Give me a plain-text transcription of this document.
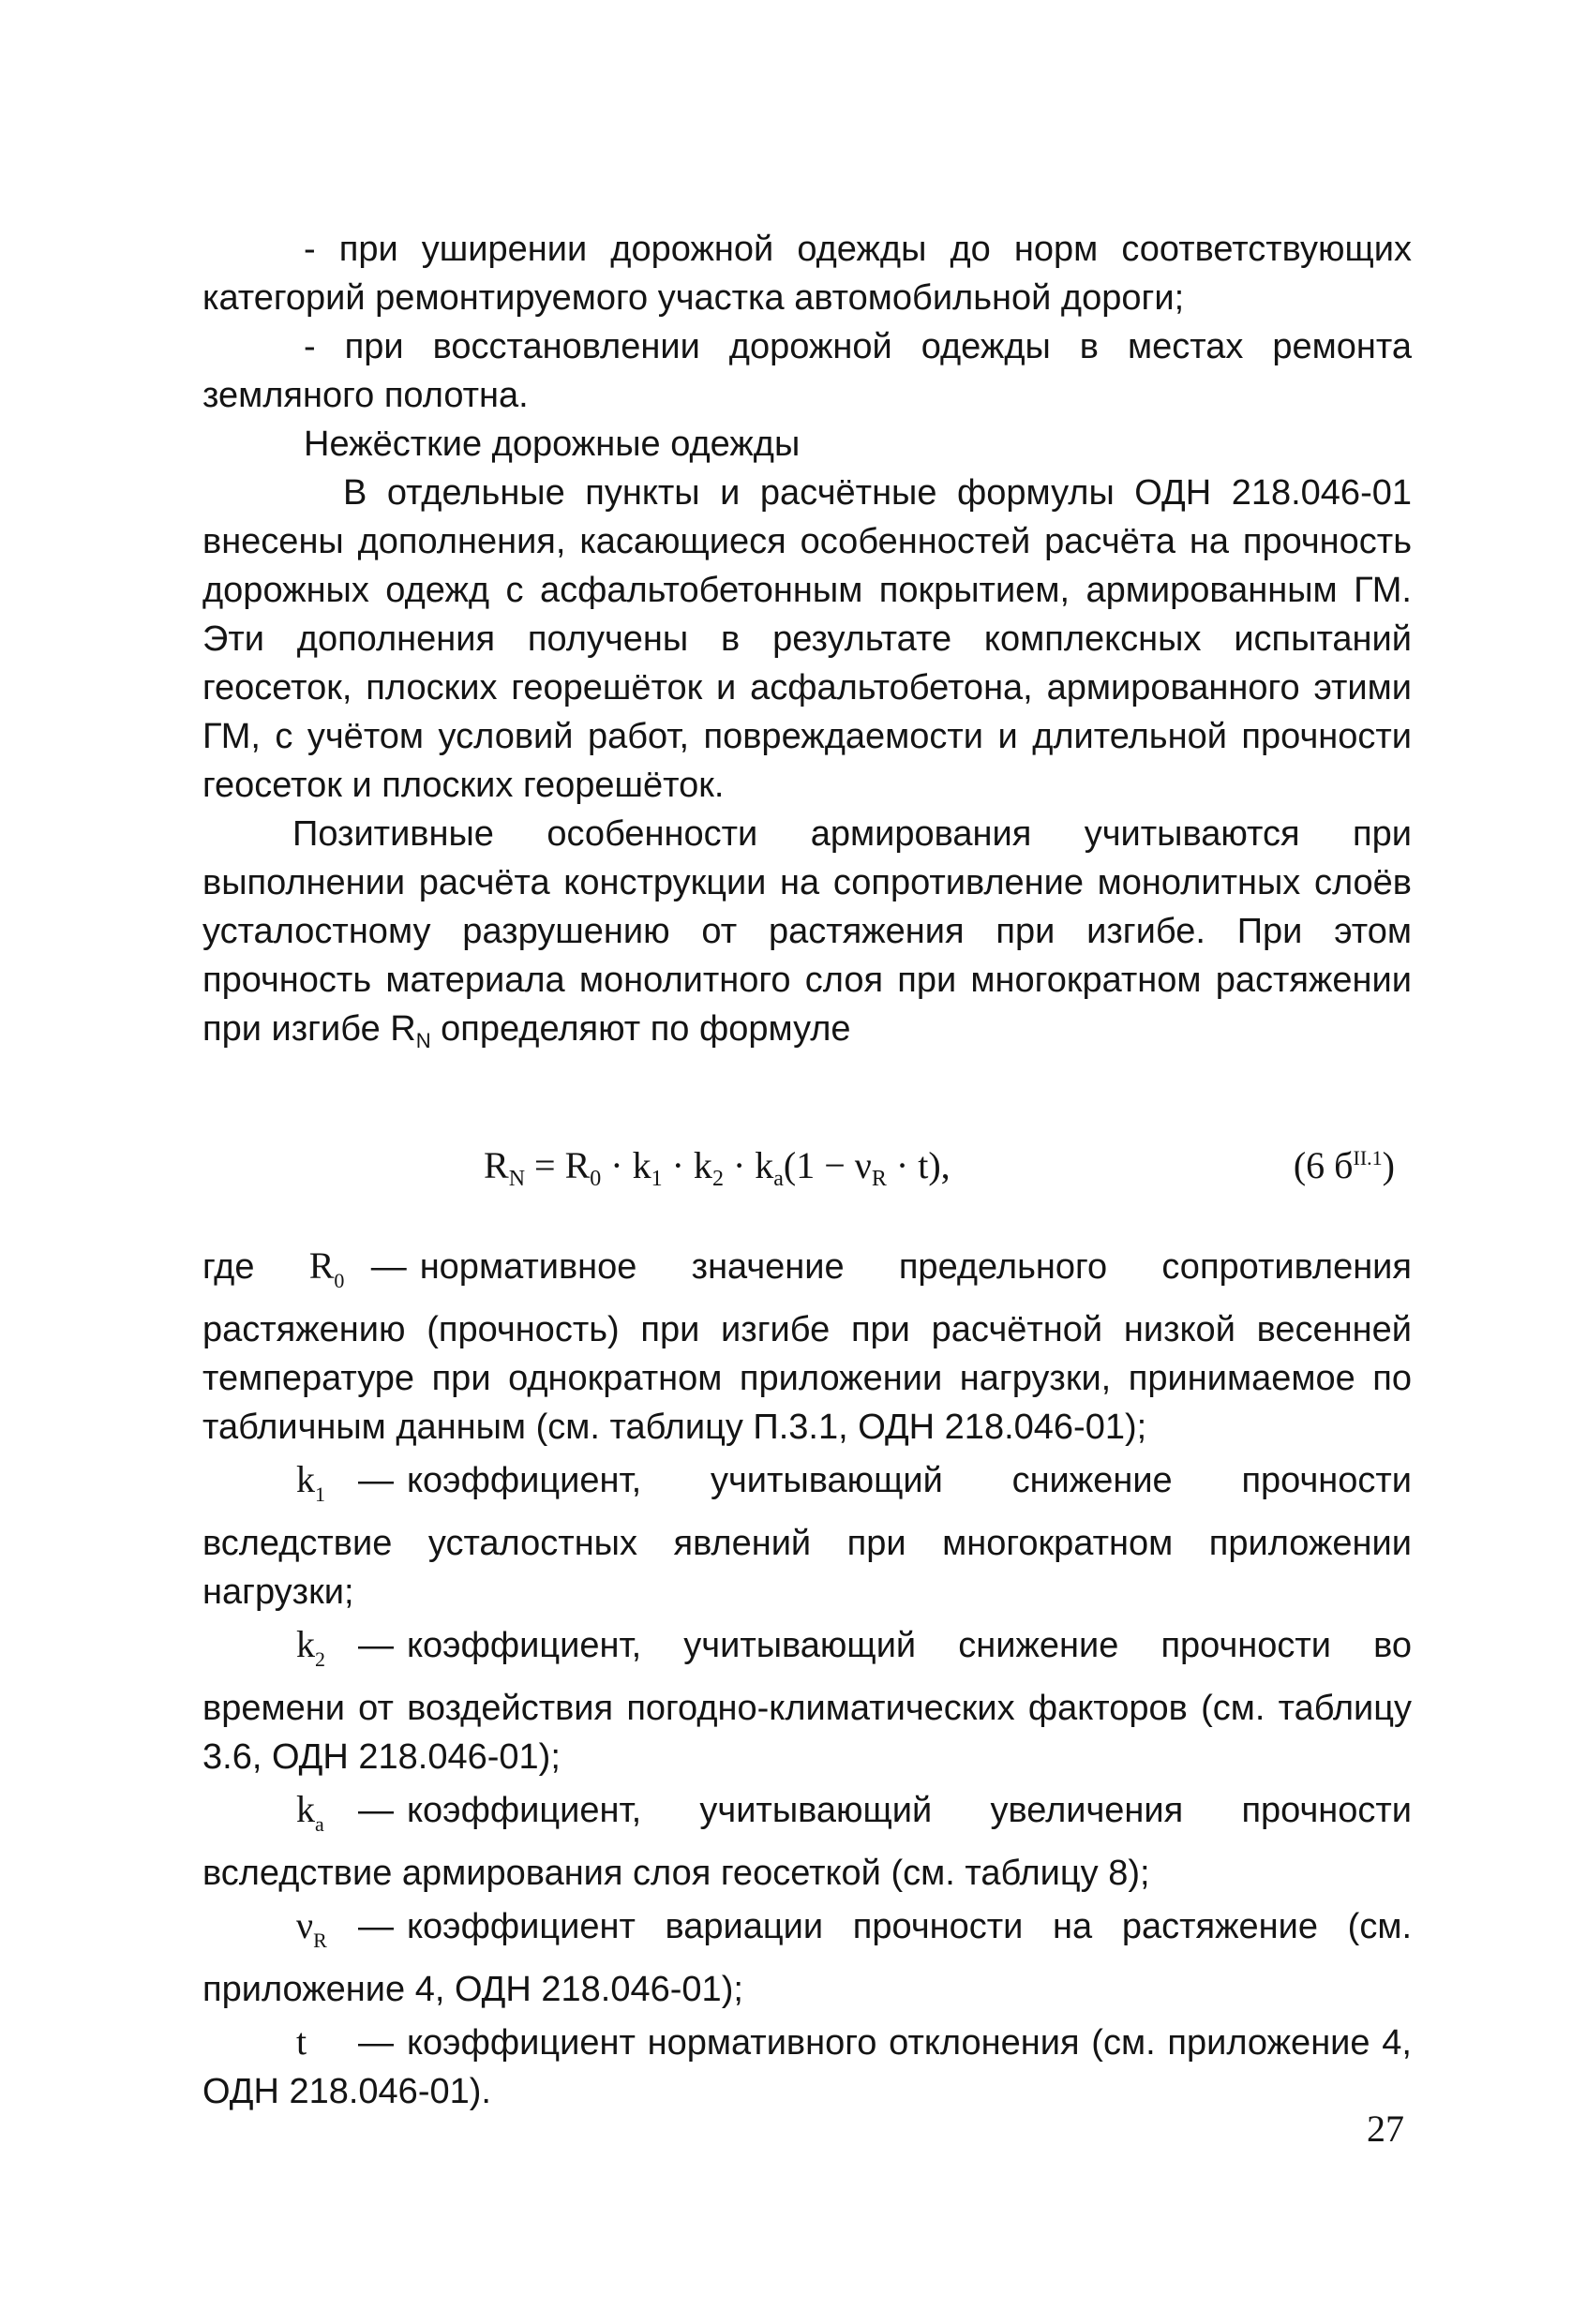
- при уширении дорожной одежды до норм соответствующих категорий ремонтируемого участка автомобильной дороги;

- при восстановлении дорожной одежды в местах ремонта земляного полотна.

Нежёсткие дорожные одежды

В отдельные пункты и расчётные формулы ОДН 218.046-01 внесены дополнения, касающиеся особенностей расчёта на прочность дорожных одежд с асфальтобетонным покрытием, армированным ГМ. Эти дополнения получены в результате комплексных испытаний геосеток, плоских георешёток и асфальтобетона, армированного этими ГМ, с учётом условий работ, повреждаемости и длительной прочности геосеток и плоских георешёток.

Позитивные особенности армирования учитываются при выполнении расчёта конструкции на сопротивление монолитных слоёв усталостному разрушению от растяжения при изгибе. При этом прочность материала монолитного слоя при многократном растяжении при изгибе $R_N$ определяют по формуле

$R_N = R_0 \cdot k_1 \cdot k_2 \cdot k_а(1 - \nu_R \cdot t)$,	(6 $б^{II.1}$)

где $R_0$ — нормативное значение предельного сопротивления растяжению (прочность) при изгибе при расчётной низкой весенней температуре при однократном приложении нагрузки, принимаемое по табличным данным (см. таблицу П.3.1, ОДН 218.046-01);

$k_1$ — коэффициент, учитывающий снижение прочности вследствие усталостных явлений при многократном приложении нагрузки;

$k_2$ — коэффициент, учитывающий снижение прочности во времени от воздействия погодно-климатических факторов (см. таблицу 3.6, ОДН 218.046-01);

$k_а$ — коэффициент, учитывающий увеличения прочности вследствие армирования слоя геосеткой (см. таблицу 8);

$\nu_R$ — коэффициент вариации прочности на растяжение (см. приложение 4, ОДН 218.046-01);

t — коэффициент нормативного отклонения (см. приложение 4, ОДН 218.046-01).

27
